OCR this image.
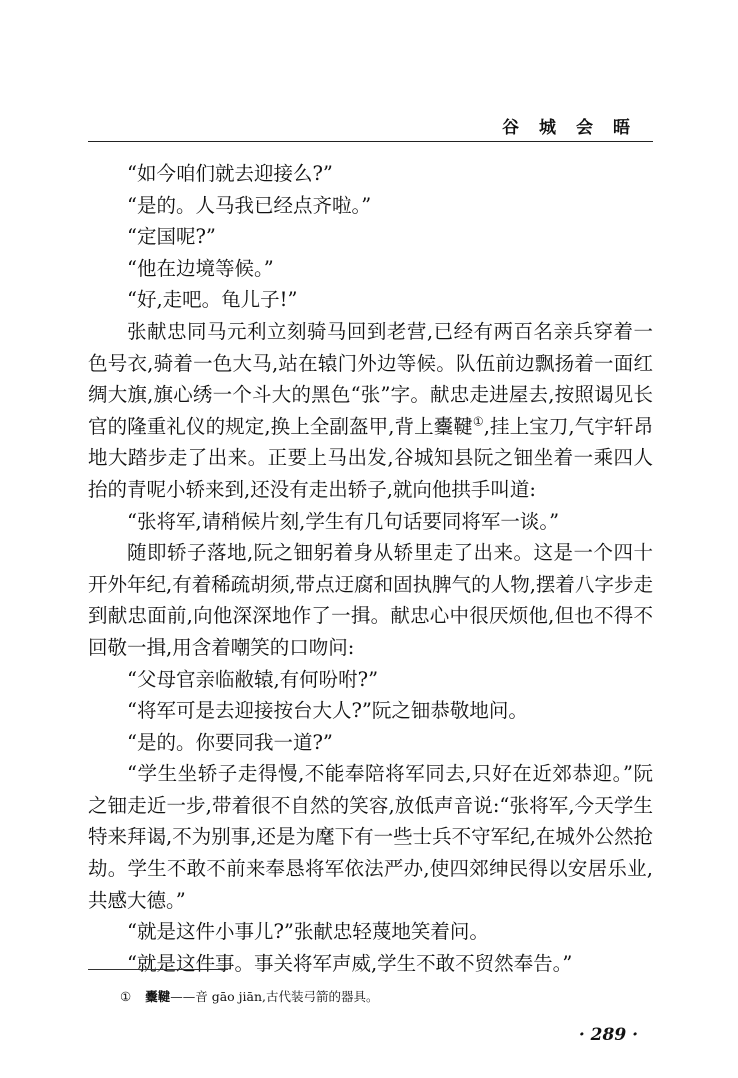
谷城会晤

“如今咱们就去迎接么?”

“是的。人马我已经点齐啦。”

“定国呢?”

“他在边境等候。”

“好,走吧。龟儿子!”

张献忠同马元利立刻骑马回到老营,已经有两百名亲兵穿着一色号衣,骑着一色大马,站在辕门外边等候。队伍前边飘扬着一面红绸大旗,旗心绣一个斗大的黑色“张”字。献忠走进屋去,按照谒见长官的隆重礼仪的规定,换上全副盔甲,背上櫜鞬①,挂上宝刀,气宇轩昂地大踏步走了出来。正要上马出发,谷城知县阮之钿坐着一乘四人抬的青呢小轿来到,还没有走出轿子,就向他拱手叫道:

“张将军,请稍候片刻,学生有几句话要同将军一谈。”

随即轿子落地,阮之钿躬着身从轿里走了出来。这是一个四十开外年纪,有着稀疏胡须,带点迂腐和固执脾气的人物,摆着八字步走到献忠面前,向他深深地作了一揖。献忠心中很厌烦他,但也不得不回敬一揖,用含着嘲笑的口吻问:

“父母官亲临敝辕,有何吩咐?”

“将军可是去迎接按台大人?”阮之钿恭敬地问。

“是的。你要同我一道?”

“学生坐轿子走得慢,不能奉陪将军同去,只好在近郊恭迎。”阮之钿走近一步,带着很不自然的笑容,放低声音说:“张将军,今天学生特来拜谒,不为别事,还是为麾下有一些士兵不守军纪,在城外公然抢劫。学生不敢不前来奉恳将军依法严办,使四郊绅民得以安居乐业,共感大德。”

“就是这件小事儿?”张献忠轻蔑地笑着问。

“就是这件事。事关将军声威,学生不敢不贸然奉告。”

① 櫜鞬——音 gāo jiān,古代装弓箭的器具。
· 289 ·
